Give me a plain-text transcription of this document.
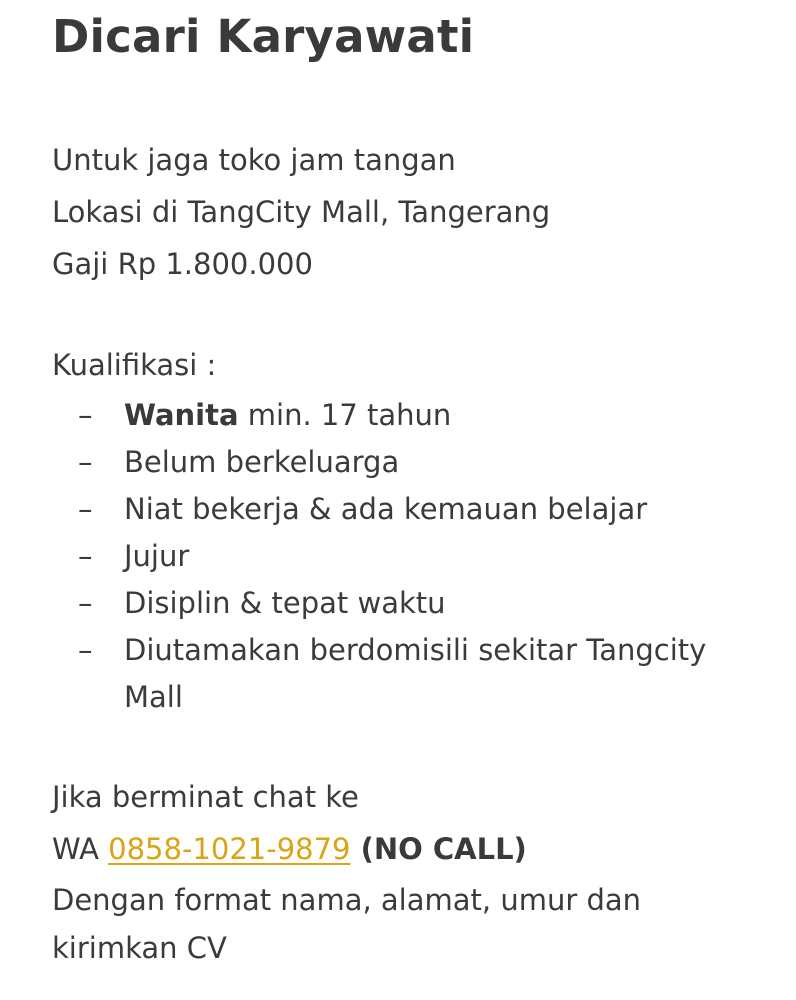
Dicari Karyawati

Untuk jaga toko jam tangan

Lokasi di TangCity Mall, Tangerang

Gaji Rp 1.800.000

Kualifikasi :

– Wanita min. 17 tahun
– Belum berkeluarga
– Niat bekerja & ada kemauan belajar
– Jujur
– Disiplin & tepat waktu
– Diutamakan berdomisili sekitar Tangcity Mall

Jika berminat chat ke

WA 0858-1021-9879 (NO CALL)

Dengan format nama, alamat, umur dan

kirimkan CV
